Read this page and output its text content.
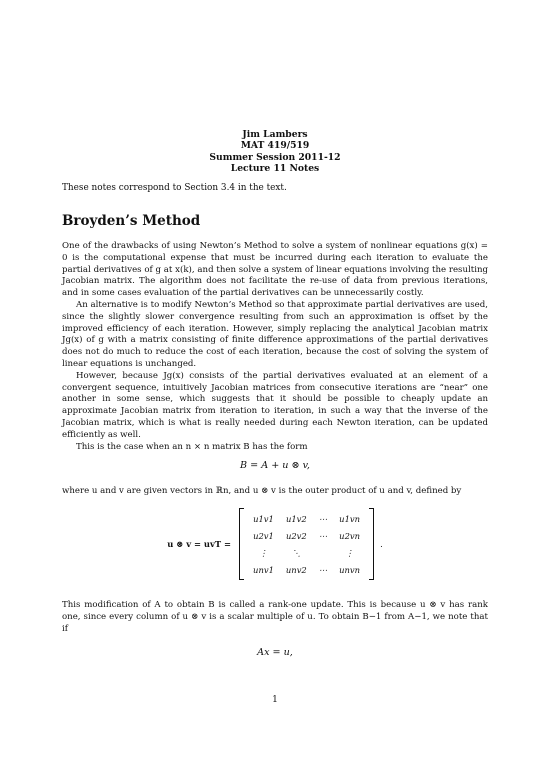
Jim Lambers
MAT 419/519
Summer Session 2011-12
Lecture 11 Notes
These notes correspond to Section 3.4 in the text.
Broyden’s Method

One of the drawbacks of using Newton’s Method to solve a system of nonlinear equations g(x) = 0 is the computational expense that must be incurred during each iteration to evaluate the partial derivatives of g at x(k), and then solve a system of linear equations involving the resulting Jacobian matrix. The algorithm does not facilitate the re-use of data from previous iterations, and in some cases evaluation of the partial derivatives can be unnecessarily costly.

An alternative is to modify Newton’s Method so that approximate partial derivatives are used, since the slightly slower convergence resulting from such an approximation is offset by the improved efficiency of each iteration. However, simply replacing the analytical Jacobian matrix Jg(x) of g with a matrix consisting of finite difference approximations of the partial derivatives does not do much to reduce the cost of each iteration, because the cost of solving the system of linear equations is unchanged.

However, because Jg(x) consists of the partial derivatives evaluated at an element of a convergent sequence, intuitively Jacobian matrices from consecutive iterations are “near” one another in some sense, which suggests that it should be possible to cheaply update an approximate Jacobian matrix from iteration to iteration, in such a way that the inverse of the Jacobian matrix, which is what is really needed during each Newton iteration, can be updated efficiently as well.

This is the case when an n × n matrix B has the form

B = A + u ⊗ v,

where u and v are given vectors in ℝn, and u ⊗ v is the outer product of u and v, defined by

u ⊗ v = uvT =
u1v1	u1v2	⋯	u1vn
u2v1	u2v2	⋯	u2vn
⋮	⋱		⋮
unv1	unv2	⋯	unvn
.

This modification of A to obtain B is called a rank-one update. This is because u ⊗ v has rank one, since every column of u ⊗ v is a scalar multiple of u. To obtain B−1 from A−1, we note that if

Ax = u,
1
